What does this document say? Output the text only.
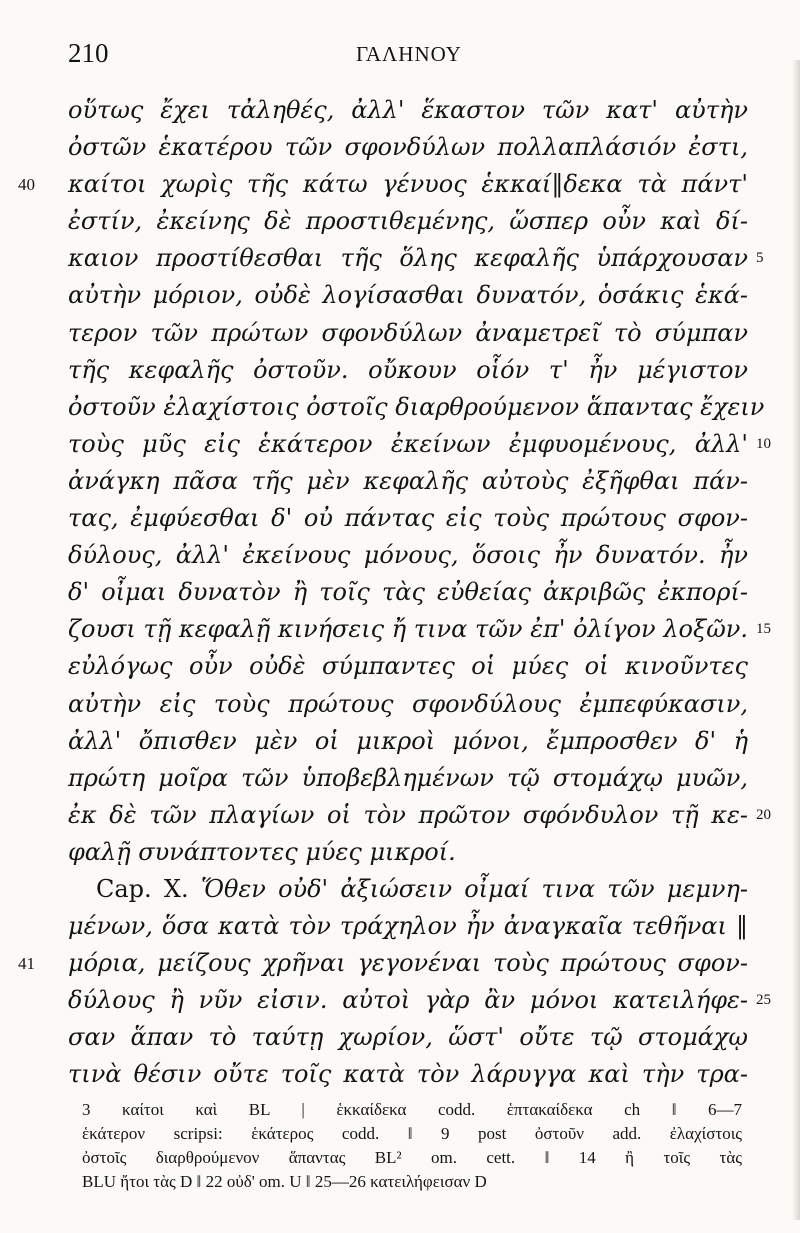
210	ΓΑΛΗΝΟΥ
οὕτως ἔχει τἀληθές, ἀλλ' ἕκαστον τῶν κατ' αὐτὴν
ὀστῶν ἑκατέρου τῶν σφονδύλων πολλαπλάσιόν ἐστι,
40	καίτοι χωρὶς τῆς κάτω γένυος ἑκκαί‖δεκα τὰ πάντ'
ἐστίν, ἐκείνης δὲ προστιθεμένης, ὥσπερ οὖν καὶ δί-
καιον προστίθεσθαι τῆς ὅλης κεφαλῆς ὑπάρχουσαν 5
αὐτὴν μόριον, οὐδὲ λογίσασθαι δυνατόν, ὁσάκις ἑκά-
τερον τῶν πρώτων σφονδύλων ἀναμετρεῖ τὸ σύμπαν
τῆς κεφαλῆς ὀστοῦν. οὔκουν οἷόν τ' ἦν μέγιστον
ὀστοῦν ἐλαχίστοις ὀστοῖς διαρθρούμενον ἅπαντας ἔχειν
τοὺς μῦς εἰς ἑκάτερον ἐκείνων ἐμφυομένους, ἀλλ' 10
ἀνάγκη πᾶσα τῆς μὲν κεφαλῆς αὐτοὺς ἐξῆφθαι πάν-
τας, ἐμφύεσθαι δ' οὐ πάντας εἰς τοὺς πρώτους σφον-
δύλους, ἀλλ' ἐκείνους μόνους, ὅσοις ἦν δυνατόν. ἦν
δ' οἶμαι δυνατὸν ἢ τοῖς τὰς εὐθείας ἀκριβῶς ἐκπορί-
ζουσι τῇ κεφαλῇ κινήσεις ἤ τινα τῶν ἐπ' ὀλίγον λοξῶν. 15
εὐλόγως οὖν οὐδὲ σύμπαντες οἱ μύες οἱ κινοῦντες
αὐτὴν εἰς τοὺς πρώτους σφονδύλους ἐμπεφύκασιν,
ἀλλ' ὄπισθεν μὲν οἱ μικροὶ μόνοι, ἔμπροσθεν δ' ἡ
πρώτη μοῖρα τῶν ὑποβεβλημένων τῷ στομάχῳ μυῶν,
ἐκ δὲ τῶν πλαγίων οἱ τὸν πρῶτον σφόνδυλον τῇ κε- 20
φαλῇ συνάπτοντες μύες μικροί.
Cap. X. Ὅθεν οὐδ' ἀξιώσειν οἶμαί τινα τῶν μεμνη-
μένων, ὅσα κατὰ τὸν τράχηλον ἦν ἀναγκαῖα τεθῆναι ‖
41	μόρια, μείζους χρῆναι γεγονέναι τοὺς πρώτους σφον-
δύλους ἢ νῦν εἰσιν. αὐτοὶ γὰρ ἂν μόνοι κατειλήφε- 25
σαν ἅπαν τὸ ταύτῃ χωρίον, ὥστ' οὔτε τῷ στομάχῳ
τινὰ θέσιν οὔτε τοῖς κατὰ τὸν λάρυγγα καὶ τὴν τρα-
3 καίτοι καὶ BL | ἑκκαίδεκα codd. ἑπτακαίδεκα ch ‖ 6—7
ἑκάτερον scripsi: ἑκάτερος codd. ‖ 9 post ὀστοῦν add. ἐλαχίστοις
ὀστοῖς διαρθρούμενον ἅπαντας BL² om. cett. ‖ 14 ἢ τοῖς τὰς
BLU ἤτοι τὰς D ‖ 22 οὐδ' om. U ‖ 25—26 κατειλήφεισαν D
